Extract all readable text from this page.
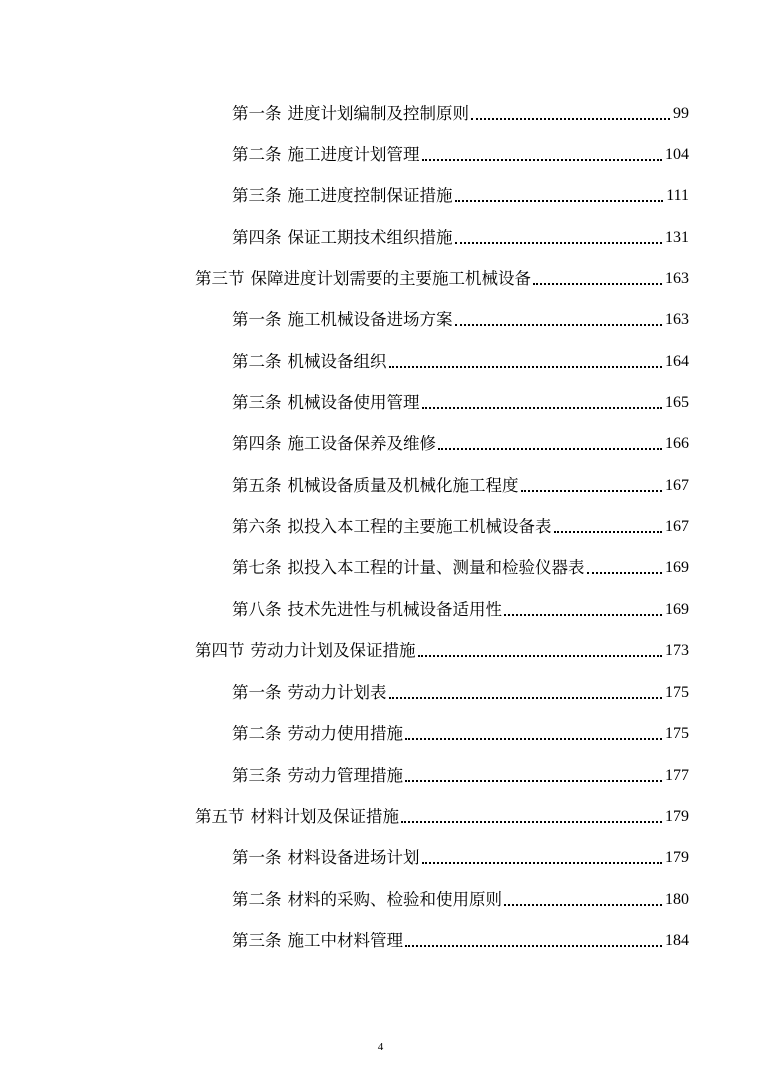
第一条 进度计划编制及控制原则	99
第二条 施工进度计划管理	104
第三条 施工进度控制保证措施	111
第四条 保证工期技术组织措施	131
第三节 保障进度计划需要的主要施工机械设备	163
第一条 施工机械设备进场方案	163
第二条 机械设备组织	164
第三条 机械设备使用管理	165
第四条 施工设备保养及维修	166
第五条 机械设备质量及机械化施工程度	167
第六条 拟投入本工程的主要施工机械设备表	167
第七条 拟投入本工程的计量、测量和检验仪器表	169
第八条 技术先进性与机械设备适用性	169
第四节 劳动力计划及保证措施	173
第一条 劳动力计划表	175
第二条 劳动力使用措施	175
第三条 劳动力管理措施	177
第五节 材料计划及保证措施	179
第一条 材料设备进场计划	179
第二条 材料的采购、检验和使用原则	180
第三条 施工中材料管理	184
4
